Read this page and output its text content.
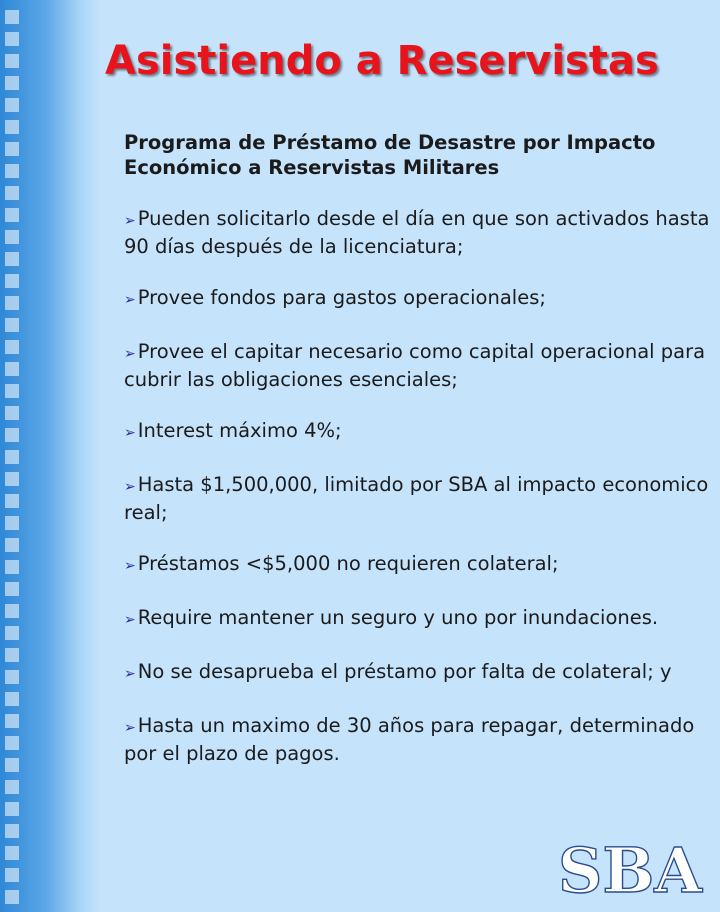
Asistiendo a Reservistas

Programa de Préstamo de Desastre por Impacto Económico a Reservistas Militares

➢ Pueden solicitarlo desde el día en que son activados hasta 90 días después de la licenciatura;

➢ Provee fondos para gastos operacionales;

➢ Provee el capitar necesario como capital operacional para cubrir las obligaciones esenciales;

➢ Interest máximo 4%;

➢ Hasta $1,500,000, limitado por SBA al impacto economico real;

➢ Préstamos <$5,000 no requieren colateral;

➢ Require mantener un seguro y uno por inundaciones.

➢ No se desaprueba el préstamo por falta de colateral; y

➢ Hasta un maximo de 30 años para repagar, determinado por el plazo de pagos.

SBA
